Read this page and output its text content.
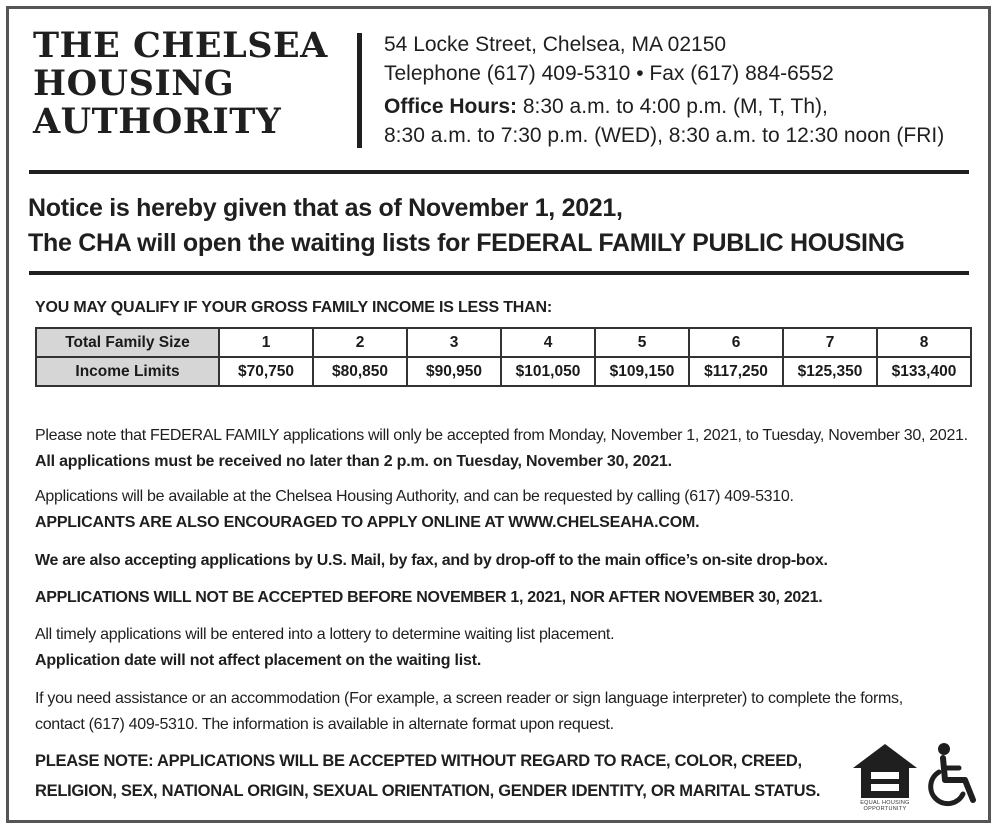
THE CHELSEA
HOUSING
AUTHORITY
54 Locke Street, Chelsea, MA 02150
Telephone (617) 409-5310 • Fax (617) 884-6552
Office Hours: 8:30 a.m. to 4:00 p.m. (M, T, Th),
8:30 a.m. to 7:30 p.m. (WED), 8:30 a.m. to 12:30 noon (FRI)
Notice is hereby given that as of November 1, 2021,
The CHA will open the waiting lists for FEDERAL FAMILY PUBLIC HOUSING
YOU MAY QUALIFY IF YOUR GROSS FAMILY INCOME IS LESS THAN:
Total Family Size	1	2	3	4	5	6	7	8
Income Limits	$70,750	$80,850	$90,950	$101,050	$109,150	$117,250	$125,350	$133,400
Please note that FEDERAL FAMILY applications will only be accepted from Monday, November 1, 2021, to Tuesday, November 30, 2021.
All applications must be received no later than 2 p.m. on Tuesday, November 30, 2021.
Applications will be available at the Chelsea Housing Authority, and can be requested by calling (617) 409-5310.
APPLICANTS ARE ALSO ENCOURAGED TO APPLY ONLINE AT WWW.CHELSEAHA.COM.
We are also accepting applications by U.S. Mail, by fax, and by drop-off to the main office’s on-site drop-box.
APPLICATIONS WILL NOT BE ACCEPTED BEFORE NOVEMBER 1, 2021, NOR AFTER NOVEMBER 30, 2021.
All timely applications will be entered into a lottery to determine waiting list placement.
Application date will not affect placement on the waiting list.
If you need assistance or an accommodation (For example, a screen reader or sign language interpreter) to complete the forms,
contact (617) 409-5310. The information is available in alternate format upon request.
PLEASE NOTE: APPLICATIONS WILL BE ACCEPTED WITHOUT REGARD TO RACE, COLOR, CREED,
RELIGION, SEX, NATIONAL ORIGIN, SEXUAL ORIENTATION, GENDER IDENTITY, OR MARITAL STATUS.
EQUAL HOUSING
OPPORTUNITY
